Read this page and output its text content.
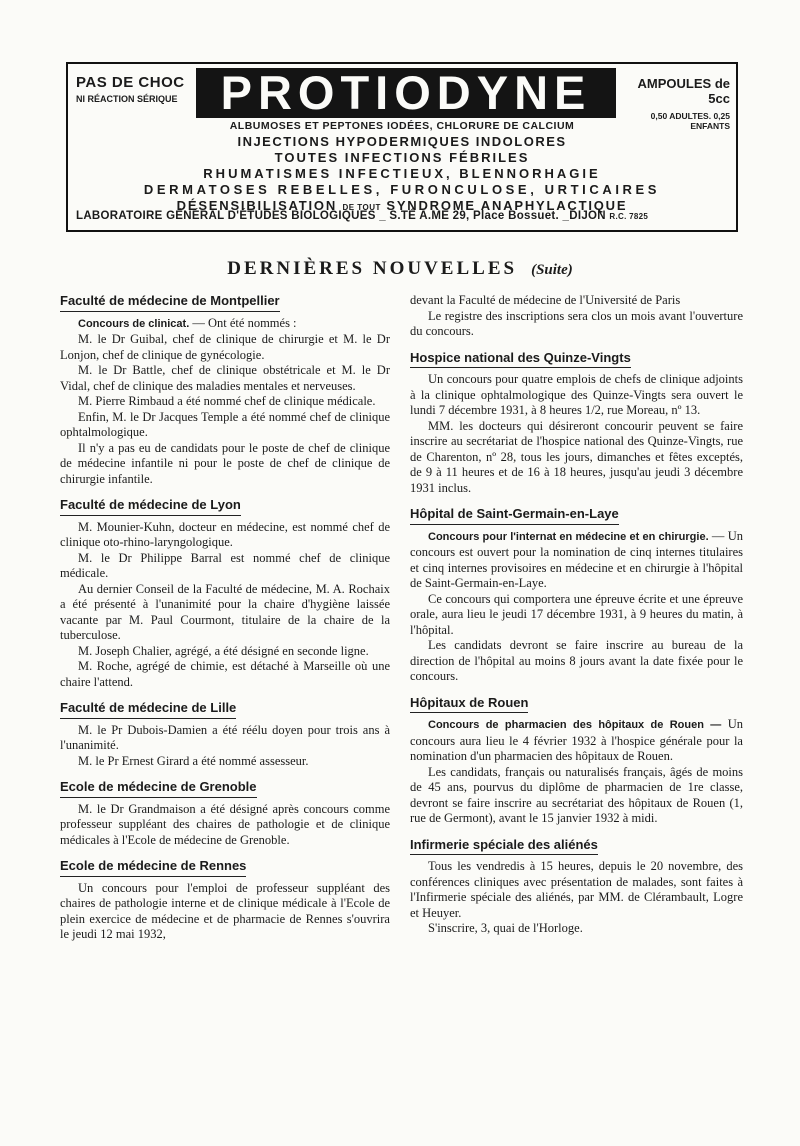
PAS DE CHOC
NI RÉACTION SÉRIQUE PROTIODYNE	AMPOULES de 5cc
0,50 ADULTES. 0,25 ENFANTS
ALBUMOSES ET PEPTONES IODÉES, CHLORURE DE CALCIUM
INJECTIONS HYPODERMIQUES INDOLORES
TOUTES INFECTIONS FÉBRILES
RHUMATISMES INFECTIEUX, BLENNORHAGIE
DERMATOSES REBELLES, FURONCULOSE, URTICAIRES
DÉSENSIBILISATION DE TOUT SYNDROME ANAPHYLACTIQUE
LABORATOIRE GÉNÉRAL D'ÉTUDES BIOLOGIQUES _ S.TÉ A.ME 29, Place Bossuet. _DIJON R.C. 7825
DERNIÈRES NOUVELLES (Suite)
Faculté de médecine de Montpellier

Concours de clinicat. — Ont été nommés :

M. le Dr Guibal, chef de clinique de chirurgie et M. le Dr Lonjon, chef de clinique de gynécologie.

M. le Dr Battle, chef de clinique obstétricale et M. le Dr Vidal, chef de clinique des maladies mentales et nerveuses.

M. Pierre Rimbaud a été nommé chef de clinique médicale.

Enfin, M. le Dr Jacques Temple a été nommé chef de clinique ophtalmologique.

Il n'y a pas eu de candidats pour le poste de chef de clinique de médecine infantile ni pour le poste de chef de clinique de chirurgie infantile.

Faculté de médecine de Lyon

M. Mounier-Kuhn, docteur en médecine, est nommé chef de clinique oto-rhino-laryngologique.

M. le Dr Philippe Barral est nommé chef de clinique médicale.

Au dernier Conseil de la Faculté de médecine, M. A. Rochaix a été présenté à l'unanimité pour la chaire d'hygiène laissée vacante par M. Paul Courmont, titulaire de la chaire de la tuberculose.

M. Joseph Chalier, agrégé, a été désigné en seconde ligne.

M. Roche, agrégé de chimie, est détaché à Marseille où une chaire l'attend.

Faculté de médecine de Lille

M. le Pr Dubois-Damien a été réélu doyen pour trois ans à l'unanimité.

M. le Pr Ernest Girard a été nommé assesseur.

Ecole de médecine de Grenoble

M. le Dr Grandmaison a été désigné après concours comme professeur suppléant des chaires de pathologie et de clinique médicales à l'Ecole de médecine de Grenoble.

Ecole de médecine de Rennes

Un concours pour l'emploi de professeur suppléant des chaires de pathologie interne et de clinique médicale à l'Ecole de plein exercice de médecine et de pharmacie de Rennes s'ouvrira le jeudi 12 mai 1932,

devant la Faculté de médecine de l'Université de Paris

Le registre des inscriptions sera clos un mois avant l'ouverture du concours.

Hospice national des Quinze-Vingts

Un concours pour quatre emplois de chefs de clinique adjoints à la clinique ophtalmologique des Quinze-Vingts sera ouvert le lundi 7 décembre 1931, à 8 heures 1/2, rue Moreau, nº 13.

MM. les docteurs qui désireront concourir peuvent se faire inscrire au secrétariat de l'hospice national des Quinze-Vingts, rue de Charenton, nº 28, tous les jours, dimanches et fêtes exceptés, de 9 à 11 heures et de 16 à 18 heures, jusqu'au jeudi 3 décembre 1931 inclus.

Hôpital de Saint-Germain-en-Laye

Concours pour l'internat en médecine et en chirurgie. — Un concours est ouvert pour la nomination de cinq internes titulaires et cinq internes provisoires en médecine et en chirurgie à l'hôpital de Saint-Germain-en-Laye.

Ce concours qui comportera une épreuve écrite et une épreuve orale, aura lieu le jeudi 17 décembre 1931, à 9 heures du matin, à l'hôpital.

Les candidats devront se faire inscrire au bureau de la direction de l'hôpital au moins 8 jours avant la date fixée pour le concours.

Hôpitaux de Rouen

Concours de pharmacien des hôpitaux de Rouen — Un concours aura lieu le 4 février 1932 à l'hospice générale pour la nomination d'un pharmacien des hôpitaux de Rouen.

Les candidats, français ou naturalisés français, âgés de moins de 45 ans, pourvus du diplôme de pharmacien de 1re classe, devront se faire inscrire au secrétariat des hôpitaux de Rouen (1, rue de Germont), avant le 15 janvier 1932 à midi.

Infirmerie spéciale des aliénés

Tous les vendredis à 15 heures, depuis le 20 novembre, des conférences cliniques avec présentation de malades, sont faites à l'Infirmerie spéciale des aliénés, par MM. de Clérambault, Logre et Heuyer.

S'inscrire, 3, quai de l'Horloge.
